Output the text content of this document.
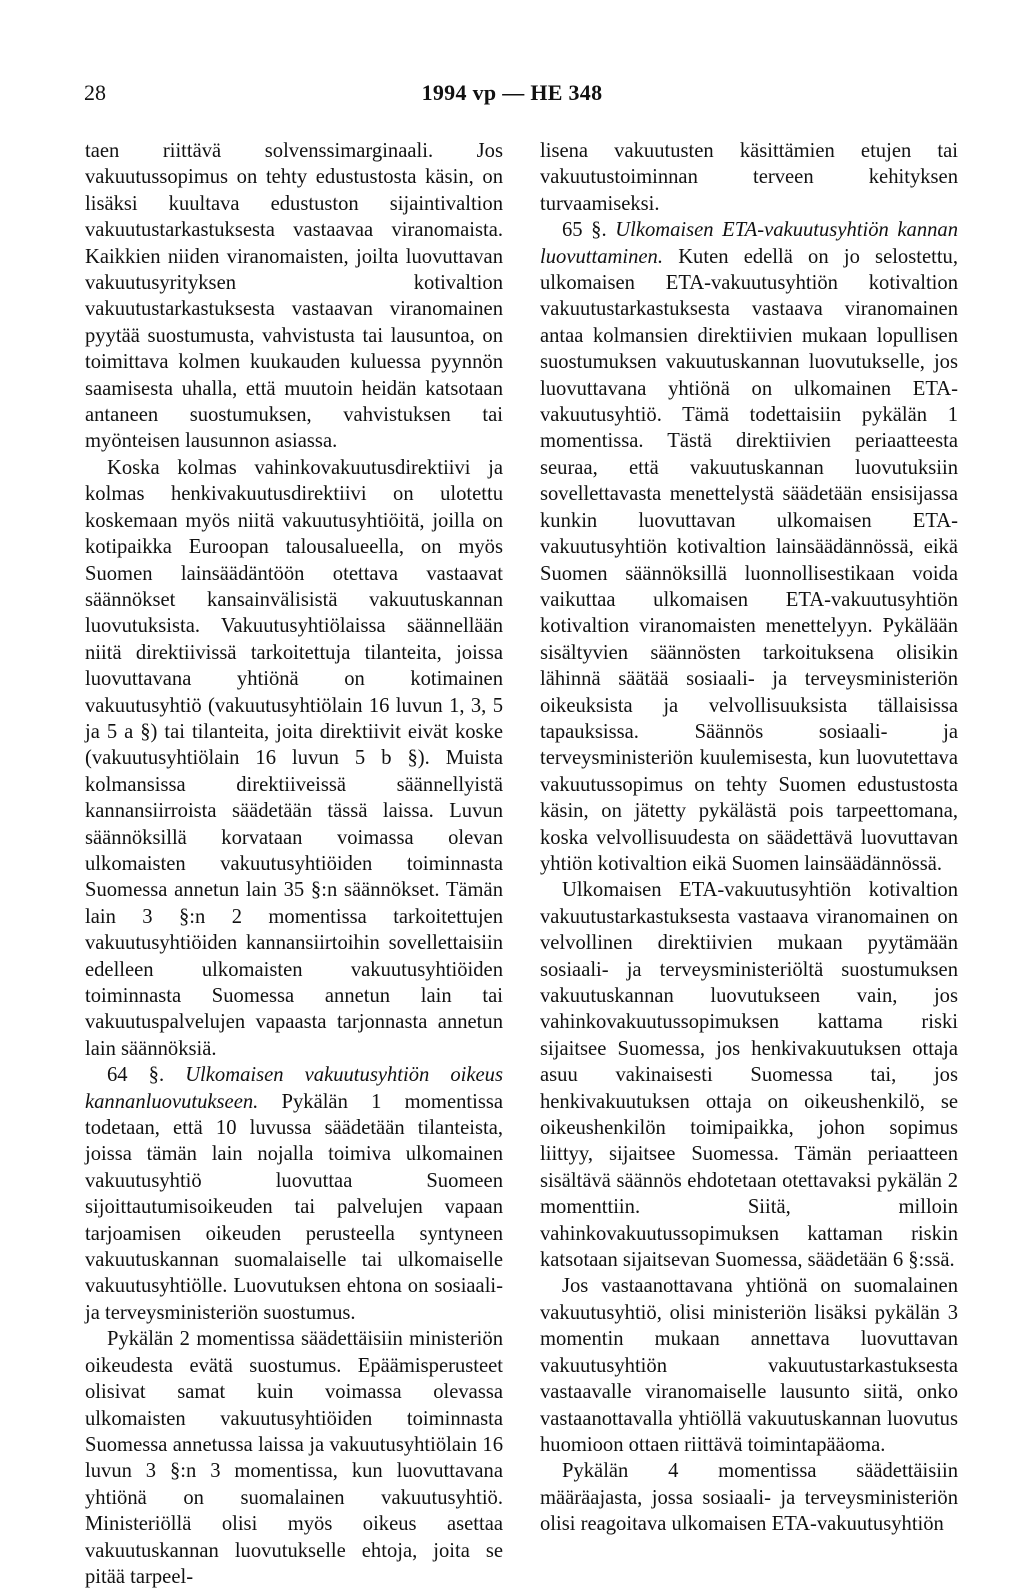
28	1994 vp — HE 348

taen riittävä solvenssimarginaali. Jos vakuutussopimus on tehty edustustosta käsin, on lisäksi kuultava edustuston sijaintivaltion vakuutustarkastuksesta vastaavaa viranomaista. Kaikkien niiden viranomaisten, joilta luovuttavan vakuutusyrityksen kotivaltion vakuutustarkastuksesta vastaavan viranomainen pyytää suostumusta, vahvistusta tai lausuntoa, on toimittava kolmen kuukauden kuluessa pyynnön saamisesta uhalla, että muutoin heidän katsotaan antaneen suostumuksen, vahvistuksen tai myönteisen lausunnon asiassa.

Koska kolmas vahinkovakuutusdirektiivi ja kolmas henkivakuutusdirektiivi on ulotettu koskemaan myös niitä vakuutusyhtiöitä, joilla on kotipaikka Euroopan talousalueella, on myös Suomen lainsäädäntöön otettava vastaavat säännökset kansainvälisistä vakuutuskannan luovutuksista. Vakuutusyhtiölaissa säännellään niitä direktiivissä tarkoitettuja tilanteita, joissa luovuttavana yhtiönä on kotimainen vakuutusyhtiö (vakuutusyhtiölain 16 luvun 1, 3, 5 ja 5 a §) tai tilanteita, joita direktiivit eivät koske (vakuutusyhtiölain 16 luvun 5 b §). Muista kolmansissa direktiiveissä säännellyistä kannansiirroista säädetään tässä laissa. Luvun säännöksillä korvataan voimassa olevan ulkomaisten vakuutusyhtiöiden toiminnasta Suomessa annetun lain 35 §:n säännökset. Tämän lain 3 §:n 2 momentissa tarkoitettujen vakuutusyhtiöiden kannansiirtoihin sovellettaisiin edelleen ulkomaisten vakuutusyhtiöiden toiminnasta Suomessa annetun lain tai vakuutuspalvelujen vapaasta tarjonnasta annetun lain säännöksiä.

64 §. Ulkomaisen vakuutusyhtiön oikeus kannanluovutukseen. Pykälän 1 momentissa todetaan, että 10 luvussa säädetään tilanteista, joissa tämän lain nojalla toimiva ulkomainen vakuutusyhtiö luovuttaa Suomeen sijoittautumisoikeuden tai palvelujen vapaan tarjoamisen oikeuden perusteella syntyneen vakuutuskannan suomalaiselle tai ulkomaiselle vakuutusyhtiölle. Luovutuksen ehtona on sosiaali- ja terveysministeriön suostumus.

Pykälän 2 momentissa säädettäisiin ministeriön oikeudesta evätä suostumus. Epäämisperusteet olisivat samat kuin voimassa olevassa ulkomaisten vakuutusyhtiöiden toiminnasta Suomessa annetussa laissa ja vakuutusyhtiölain 16 luvun 3 §:n 3 momentissa, kun luovuttavana yhtiönä on suomalainen vakuutusyhtiö. Ministeriöllä olisi myös oikeus asettaa vakuutuskannan luovutukselle ehtoja, joita se pitää tarpeel-

lisena vakuutusten käsittämien etujen tai vakuutustoiminnan terveen kehityksen turvaamiseksi.

65 §. Ulkomaisen ETA-vakuutusyhtiön kannan luovuttaminen. Kuten edellä on jo selostettu, ulkomaisen ETA-vakuutusyhtiön kotivaltion vakuutustarkastuksesta vastaava viranomainen antaa kolmansien direktiivien mukaan lopullisen suostumuksen vakuutuskannan luovutukselle, jos luovuttavana yhtiönä on ulkomainen ETA-vakuutusyhtiö. Tämä todettaisiin pykälän 1 momentissa. Tästä direktiivien periaatteesta seuraa, että vakuutuskannan luovutuksiin sovellettavasta menettelystä säädetään ensisijassa kunkin luovuttavan ulkomaisen ETA-vakuutusyhtiön kotivaltion lainsäädännössä, eikä Suomen säännöksillä luonnollisestikaan voida vaikuttaa ulkomaisen ETA-vakuutusyhtiön kotivaltion viranomaisten menettelyyn. Pykälään sisältyvien säännösten tarkoituksena olisikin lähinnä säätää sosiaali- ja terveysministeriön oikeuksista ja velvollisuuksista tällaisissa tapauksissa. Säännös sosiaali- ja terveysministeriön kuulemisesta, kun luovutettava vakuutussopimus on tehty Suomen edustustosta käsin, on jätetty pykälästä pois tarpeettomana, koska velvollisuudesta on säädettävä luovuttavan yhtiön kotivaltion eikä Suomen lainsäädännössä.

Ulkomaisen ETA-vakuutusyhtiön kotivaltion vakuutustarkastuksesta vastaava viranomainen on velvollinen direktiivien mukaan pyytämään sosiaali- ja terveysministeriöltä suostumuksen vakuutuskannan luovutukseen vain, jos vahinkovakuutussopimuksen kattama riski sijaitsee Suomessa, jos henkivakuutuksen ottaja asuu vakinaisesti Suomessa tai, jos henkivakuutuksen ottaja on oikeushenkilö, se oikeushenkilön toimipaikka, johon sopimus liittyy, sijaitsee Suomessa. Tämän periaatteen sisältävä säännös ehdotetaan otettavaksi pykälän 2 momenttiin. Siitä, milloin vahinkovakuutussopimuksen kattaman riskin katsotaan sijaitsevan Suomessa, säädetään 6 §:ssä.

Jos vastaanottavana yhtiönä on suomalainen vakuutusyhtiö, olisi ministeriön lisäksi pykälän 3 momentin mukaan annettava luovuttavan vakuutusyhtiön vakuutustarkastuksesta vastaavalle viranomaiselle lausunto siitä, onko vastaanottavalla yhtiöllä vakuutuskannan luovutus huomioon ottaen riittävä toimintapääoma.

Pykälän 4 momentissa säädettäisiin määräajasta, jossa sosiaali- ja terveysministeriön olisi reagoitava ulkomaisen ETA-vakuutusyhtiön
